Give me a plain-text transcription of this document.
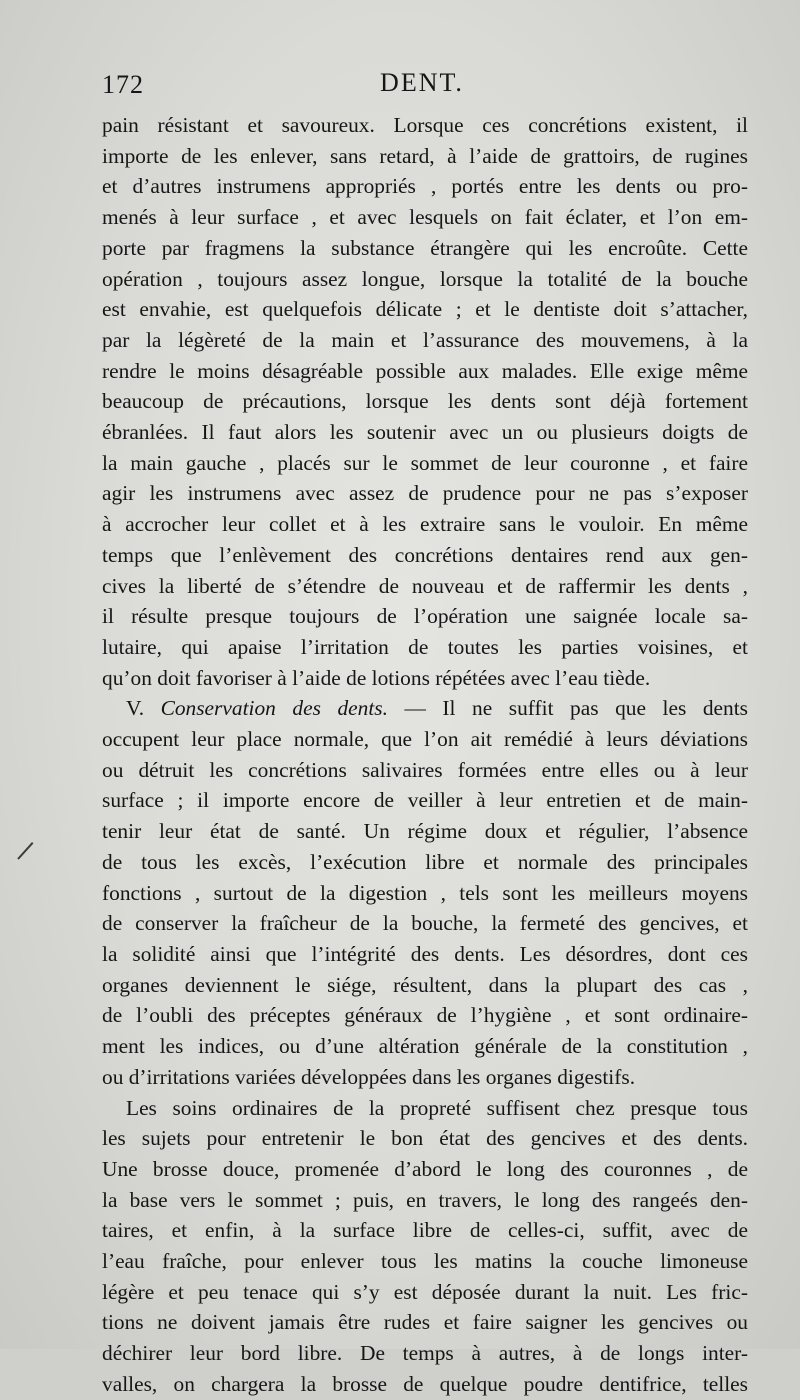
172	DENT.

pain résistant et savoureux. Lorsque ces concrétions existent, il
importe de les enlever, sans retard, à l’aide de grattoirs, de rugines
et d’autres instrumens appropriés , portés entre les dents ou pro-
menés à leur surface , et avec lesquels on fait éclater, et l’on em-
porte par fragmens la substance étrangère qui les encroûte. Cette
opération , toujours assez longue, lorsque la totalité de la bouche
est envahie, est quelquefois délicate ; et le dentiste doit s’attacher,
par la légèreté de la main et l’assurance des mouvemens, à la
rendre le moins désagréable possible aux malades. Elle exige même
beaucoup de précautions, lorsque les dents sont déjà fortement
ébranlées. Il faut alors les soutenir avec un ou plusieurs doigts de
la main gauche , placés sur le sommet de leur couronne , et faire
agir les instrumens avec assez de prudence pour ne pas s’exposer
à accrocher leur collet et à les extraire sans le vouloir. En même
temps que l’enlèvement des concrétions dentaires rend aux gen-
cives la liberté de s’étendre de nouveau et de raffermir les dents ,
il résulte presque toujours de l’opération une saignée locale sa-
lutaire, qui apaise l’irritation de toutes les parties voisines, et
qu’on doit favoriser à l’aide de lotions répétées avec l’eau tiède.

V. Conservation des dents. — Il ne suffit pas que les dents
occupent leur place normale, que l’on ait remédié à leurs déviations
ou détruit les concrétions salivaires formées entre elles ou à leur
surface ; il importe encore de veiller à leur entretien et de main-
tenir leur état de santé. Un régime doux et régulier, l’absence
de tous les excès, l’exécution libre et normale des principales
fonctions , surtout de la digestion , tels sont les meilleurs moyens
de conserver la fraîcheur de la bouche, la fermeté des gencives, et
la solidité ainsi que l’intégrité des dents. Les désordres, dont ces
organes deviennent le siége, résultent, dans la plupart des cas ,
de l’oubli des préceptes généraux de l’hygiène , et sont ordinaire-
ment les indices, ou d’une altération générale de la constitution ,
ou d’irritations variées développées dans les organes digestifs.

Les soins ordinaires de la propreté suffisent chez presque tous
les sujets pour entretenir le bon état des gencives et des dents.
Une brosse douce, promenée d’abord le long des couronnes , de
la base vers le sommet ; puis, en travers, le long des rangeés den-
taires, et enfin, à la surface libre de celles-ci, suffit, avec de
l’eau fraîche, pour enlever tous les matins la couche limoneuse
légère et peu tenace qui s’y est déposée durant la nuit. Les fric-
tions ne doivent jamais être rudes et faire saigner les gencives ou
déchirer leur bord libre. De temps à autres, à de longs inter-
valles, on chargera la brosse de quelque poudre dentifrice, telles
